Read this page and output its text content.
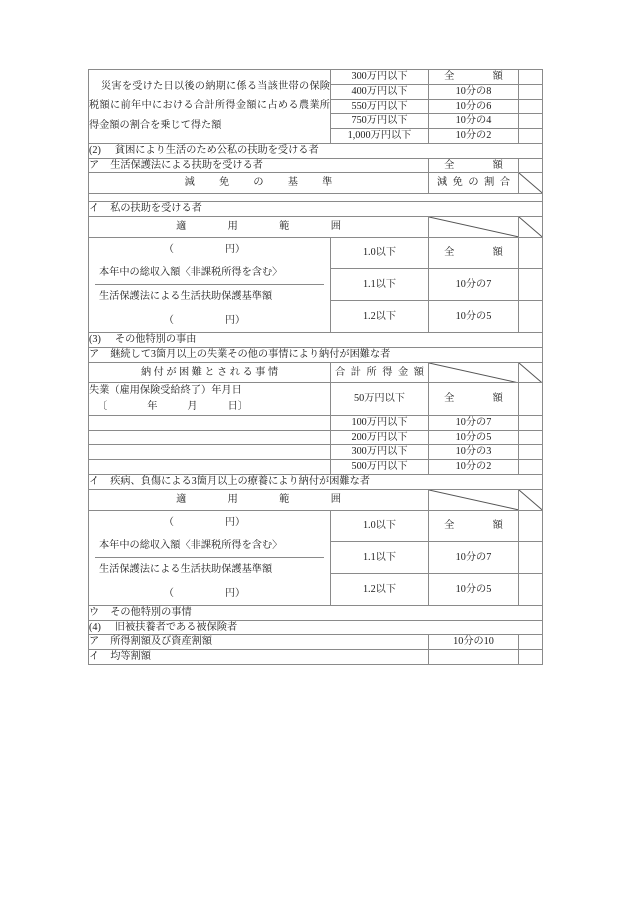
災害を受けた日以後の納期に係る当該世帯の保険税額に前年中における合計所得金額に占める農業所得金額の割合を乗じて得た額	300万円以下	全　　額	

	400万円以下	10分の8	
	550万円以下	10分の6	
	750万円以下	10分の4	
	1,000万円以下	10分の2	
(2) 貧困により生活のため公私の扶助を受ける者			
ア 生活保護法による扶助を受ける者		全　　額	

減　免　の　基　準		減 免 の 割 合

イ 私の扶助を受ける者			

適　　用　　範　　囲

（　　　　　円）
本年中の総収入額〈非課税所得を含む〉
生活保護法による生活扶助保護基準額
（　　　　　円）	1.0以下	全　　額	

	1.1以下	10分の7	
	1.2以下	10分の5	
(3) その他特別の事由			
ア 継続して3箇月以上の失業その他の事情により納付が困難な者			

納付が困難とされる事情	合 計 所 得 金 額

失業（雇用保険受給終了）年月日
〔 年 月 日〕	50万円以下	全　　額	

	100万円以下	10分の7	
	200万円以下	10分の5	
	300万円以下	10分の3	
	500万円以下	10分の2	
イ 疾病、負傷による3箇月以上の療養により納付が困難な者			

適　　用　　範　　囲

（　　　　　円）
本年中の総収入額〈非課税所得を含む〉
生活保護法による生活扶助保護基準額
（　　　　　円）	1.0以下	全　　額	

	1.1以下	10分の7	
	1.2以下	10分の5	
ウ その他特別の事情			
(4) 旧被扶養者である被保険者			
ア 所得割額及び資産割額		10分の10	
イ 均等割額			
